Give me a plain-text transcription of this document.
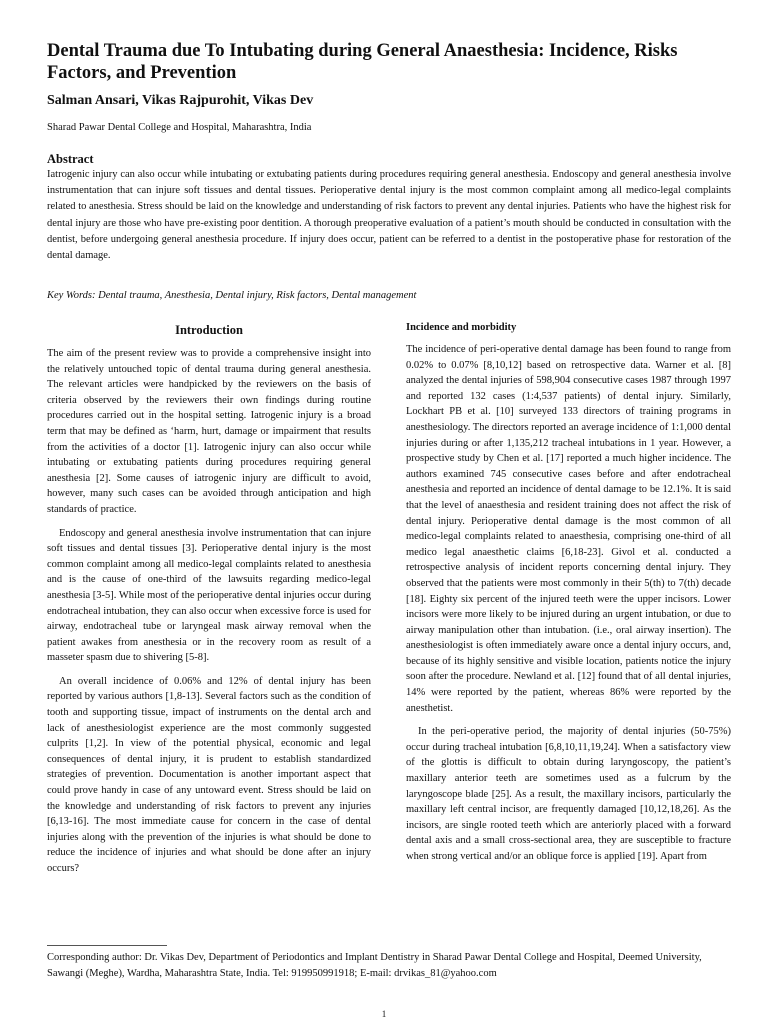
Dental Trauma due To Intubating during General Anaesthesia: Incidence, Risks Factors, and Prevention

Salman Ansari, Vikas Rajpurohit, Vikas Dev

Sharad Pawar Dental College and Hospital, Maharashtra, India

Abstract

Iatrogenic injury can also occur while intubating or extubating patients during procedures requiring general anesthesia. Endoscopy and general anesthesia involve instrumentation that can injure soft tissues and dental tissues. Perioperative dental injury is the most common complaint among all medico-legal complaints related to anesthesia. Stress should be laid on the knowledge and understanding of risk factors to prevent any dental injuries. Patients who have the highest risk for dental injury are those who have pre-existing poor dentition. A thorough preoperative evaluation of a patient’s mouth should be conducted in consultation with the dentist, before undergoing general anesthesia procedure. If injury does occur, patient can be referred to a dentist in the postoperative phase for restoration of the dental damage.

Key Words: Dental trauma, Anesthesia, Dental injury, Risk factors, Dental management

Introduction

The aim of the present review was to provide a comprehensive insight into the relatively untouched topic of dental trauma during general anesthesia. The relevant articles were handpicked by the reviewers on the basis of criteria observed by the reviewers their own findings during routine procedures carried out in the hospital setting. Iatrogenic injury is a broad term that may be defined as ‘harm, hurt, damage or impairment that results from the activities of a doctor [1]. Iatrogenic injury can also occur while intubating or extubating patients during procedures requiring general anesthesia [2]. Some causes of iatrogenic injury are difficult to avoid, however, many such cases can be avoided through anticipation and high standards of practice.

Endoscopy and general anesthesia involve instrumentation that can injure soft tissues and dental tissues [3]. Perioperative dental injury is the most common complaint among all medico-legal complaints related to anesthesia and is the cause of one-third of the lawsuits regarding medico-legal anesthesia [3-5]. While most of the perioperative dental injuries occur during endotracheal intubation, they can also occur when excessive force is used for airway, endotracheal tube or laryngeal mask airway removal when the patient awakes from anesthesia or in the recovery room as result of a masseter spasm due to shivering [5-8].

An overall incidence of 0.06% and 12% of dental injury has been reported by various authors [1,8-13]. Several factors such as the condition of tooth and supporting tissue, impact of instruments on the dental arch and lack of anesthesiologist experience are the most commonly suggested culprits [1,2]. In view of the potential physical, economic and legal consequences of dental injury, it is prudent to establish standardized strategies of prevention. Documentation is another important aspect that could prove handy in case of any untoward event. Stress should be laid on the knowledge and understanding of risk factors to prevent any injuries [6,13-16]. The most immediate cause for concern in the case of dental injuries along with the prevention of the injuries is what should be done to reduce the incidence of injuries and what should be done after an injury occurs?

Incidence and morbidity

The incidence of peri-operative dental damage has been found to range from 0.02% to 0.07% [8,10,12] based on retrospective data. Warner et al. [8] analyzed the dental injuries of 598,904 consecutive cases 1987 through 1997 and reported 132 cases (1:4,537 patients) of dental injury. Similarly, Lockhart PB et al. [10] surveyed 133 directors of training programs in anesthesiology. The directors reported an average incidence of 1:1,000 dental injuries during or after 1,135,212 tracheal intubations in 1 year. However, a prospective study by Chen et al. [17] reported a much higher incidence. The authors examined 745 consecutive cases before and after endotracheal anesthesia and reported an incidence of dental damage to be 12.1%. It is said that the level of anaesthesia and resident training does not affect the risk of dental injury. Perioperative dental damage is the most common of all medico-legal complaints related to anaesthesia, comprising one-third of all medico legal anaesthetic claims [6,18-23]. Givol et al. conducted a retrospective analysis of incident reports concerning dental injury. They observed that the patients were most commonly in their 5(th) to 7(th) decade [18]. Eighty six percent of the injured teeth were the upper incisors. Lower incisors were more likely to be injured during an urgent intubation, or due to airway manipulation other than intubation. (i.e., oral airway insertion). The anesthesiologist is often immediately aware once a dental injury occurs, and, because of its highly sensitive and visible location, patients notice the injury soon after the procedure. Newland et al. [12] found that of all dental injuries, 14% were reported by the patient, whereas 86% were reported by the anesthetist.

In the peri-operative period, the majority of dental injuries (50-75%) occur during tracheal intubation [6,8,10,11,19,24]. When a satisfactory view of the glottis is difficult to obtain during laryngoscopy, the patient’s maxillary anterior teeth are sometimes used as a fulcrum by the laryngoscope blade [25]. As a result, the maxillary incisors, particularly the maxillary left central incisor, are frequently damaged [10,12,18,26]. As the incisors, are single rooted teeth which are anteriorly placed with a forward dental axis and a small cross-sectional area, they are susceptible to fracture when strong vertical and/or an oblique force is applied [19]. Apart from

Corresponding author: Dr. Vikas Dev, Department of Periodontics and Implant Dentistry in Sharad Pawar Dental College and Hospital, Deemed University, Sawangi (Meghe), Wardha, Maharashtra State, India. Tel: 919950991918; E-mail: drvikas_81@yahoo.com

1
